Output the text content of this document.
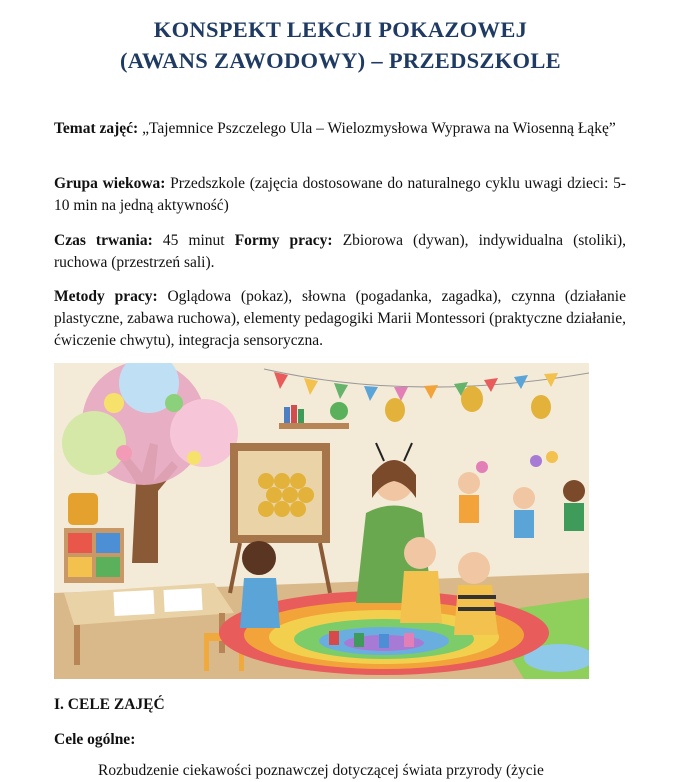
KONSPEKT LEKCJI POKAZOWEJ
(AWANS ZAWODOWY) – PRZEDSZKOLE
Temat zajęć: „Tajemnice Pszczelego Ula – Wielozmysłowa Wyprawa na Wiosenną Łąkę”
Grupa wiekowa: Przedszkole (zajęcia dostosowane do naturalnego cyklu uwagi dzieci: 5-10 min na jedną aktywność)
Czas trwania: 45 minut Formy pracy: Zbiorowa (dywan), indywidualna (stoliki), ruchowa (przestrzeń sali).
Metody pracy: Oglądowa (pokaz), słowna (pogadanka, zagadka), czynna (działanie plastyczne, zabawa ruchowa), elementy pedagogiki Marii Montessori (praktyczne działanie, ćwiczenie chwytu), integracja sensoryczna.
I. CELE ZAJĘĆ
Cele ogólne:
Rozbudzenie ciekawości poznawczej dotyczącej świata przyrody (życie
